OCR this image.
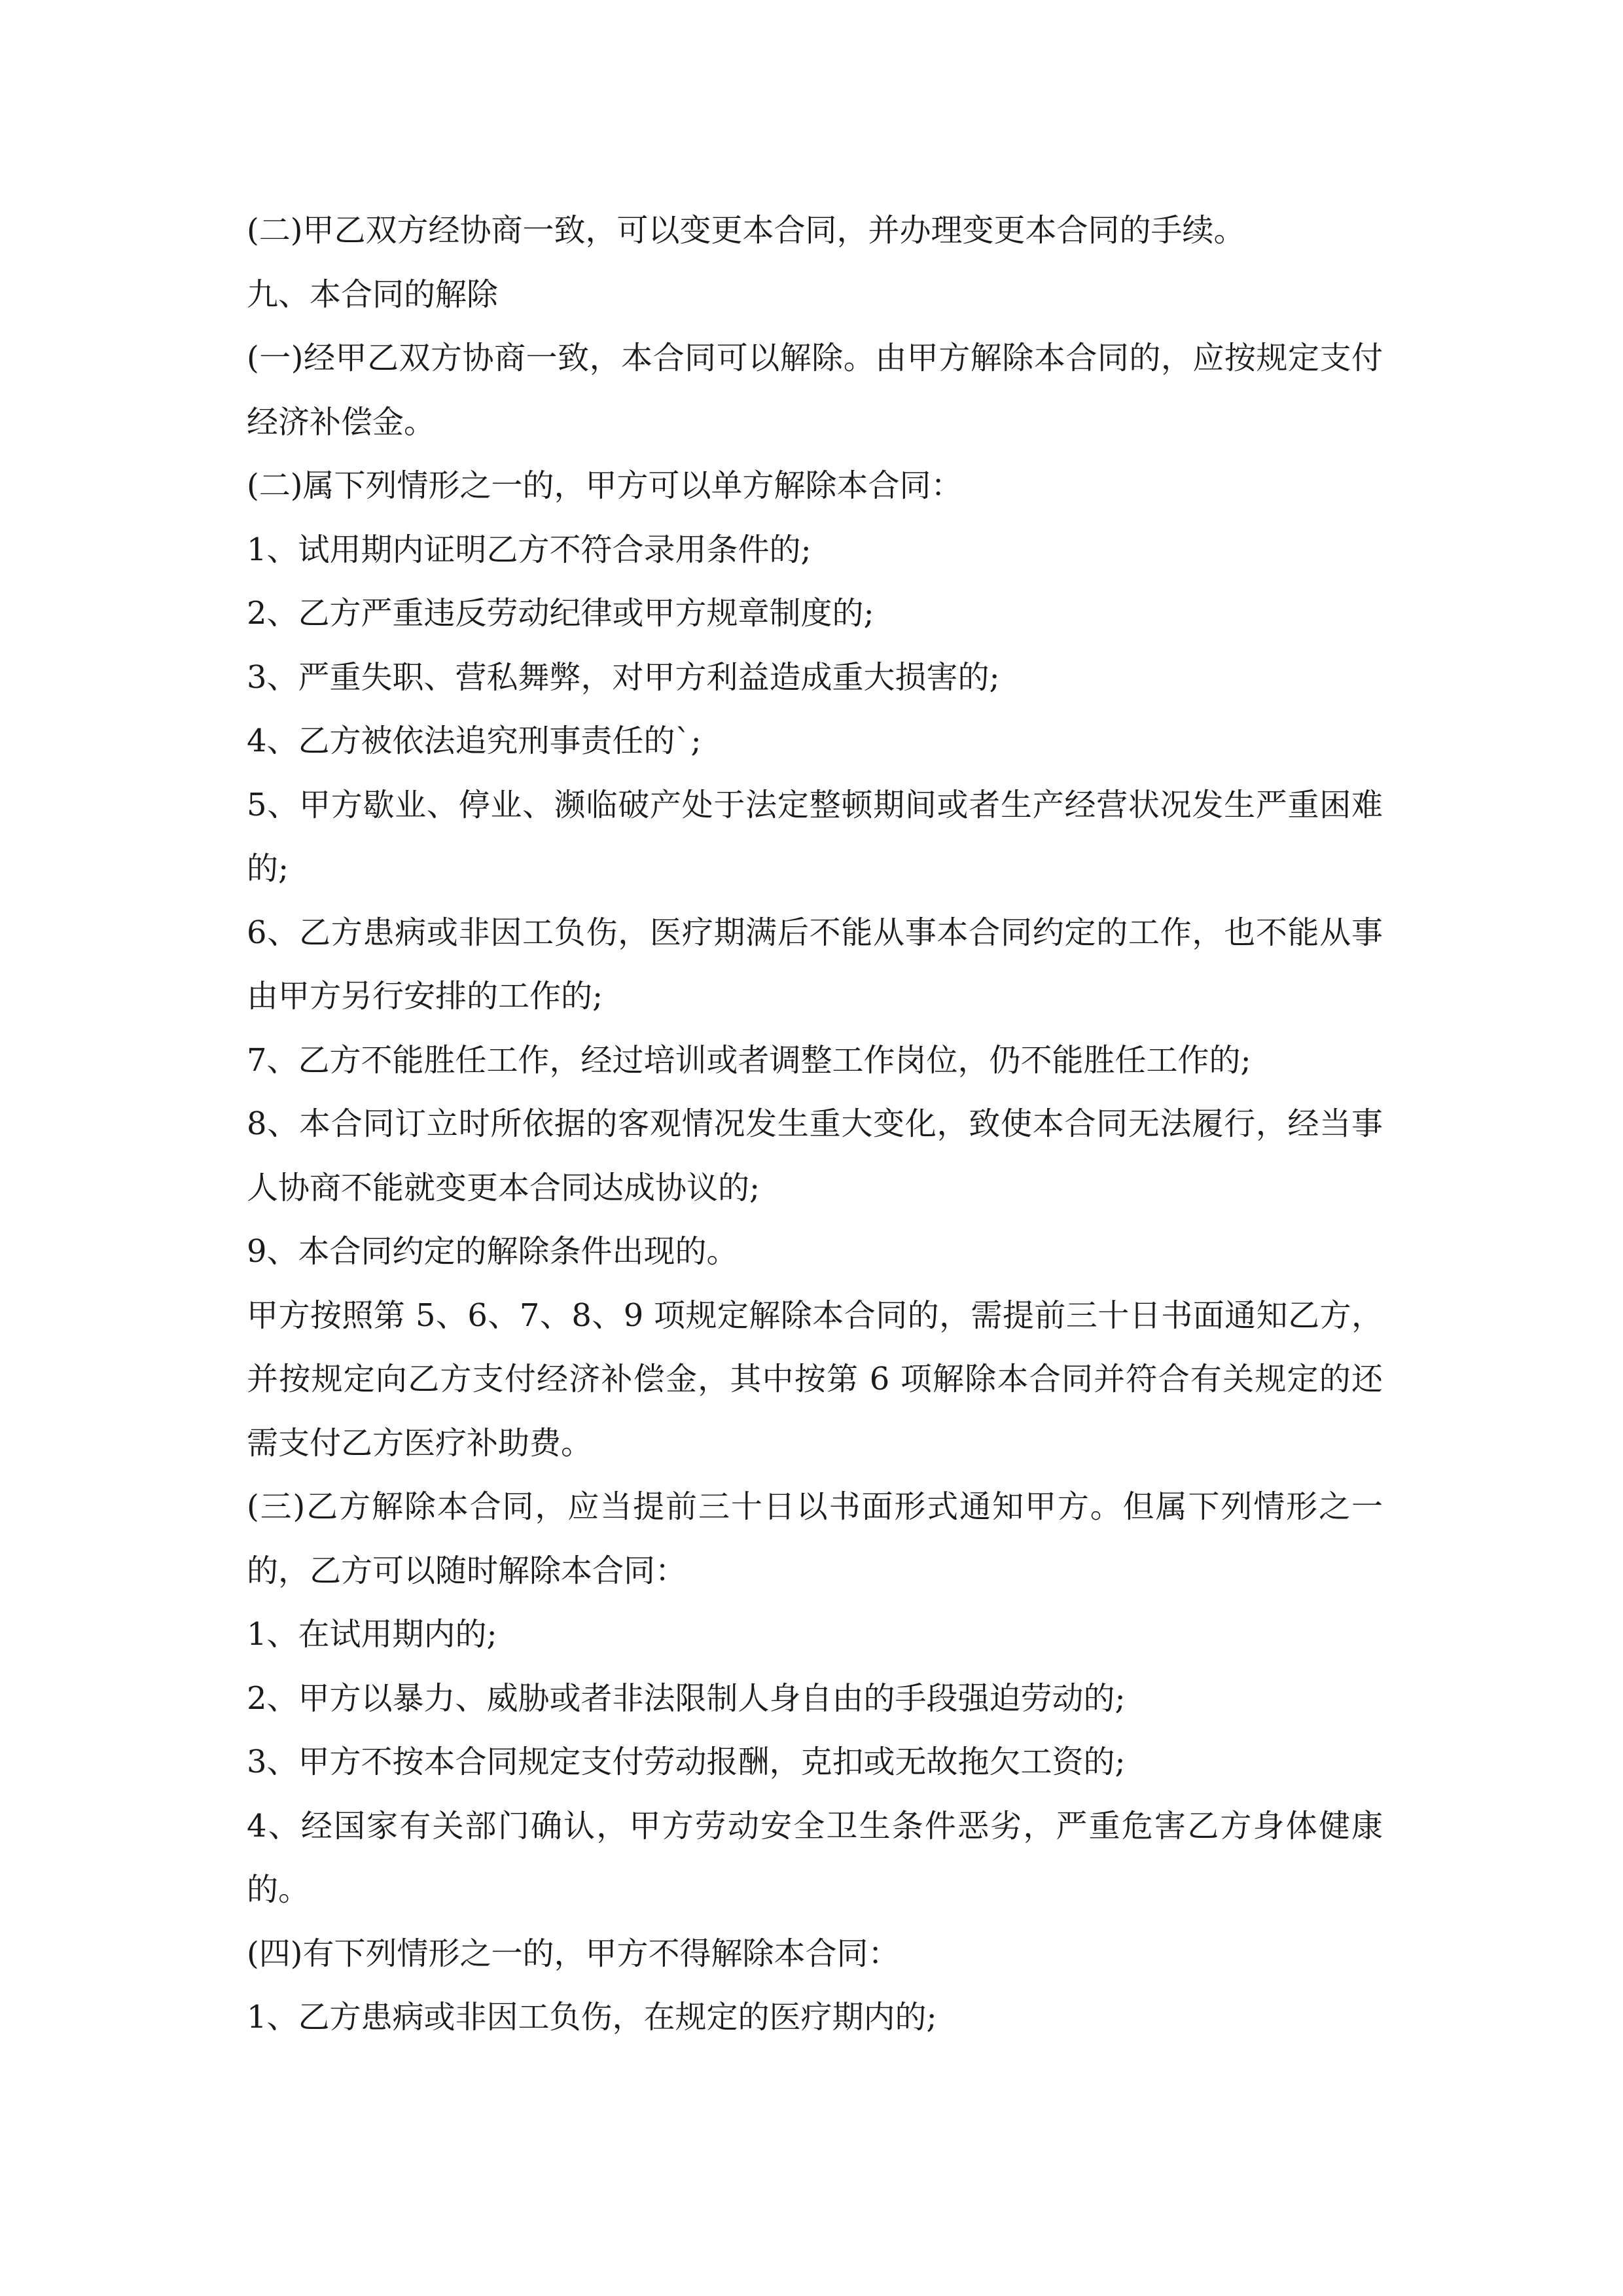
(二)甲乙双方经协商一致，可以变更本合同，并办理变更本合同的手续。

九、本合同的解除

(一)经甲乙双方协商一致，本合同可以解除。由甲方解除本合同的，应按规定支付经济补偿金。

(二)属下列情形之一的，甲方可以单方解除本合同：

1、试用期内证明乙方不符合录用条件的;

2、乙方严重违反劳动纪律或甲方规章制度的;

3、严重失职、营私舞弊，对甲方利益造成重大损害的;

4、乙方被依法追究刑事责任的`;

5、甲方歇业、停业、濒临破产处于法定整顿期间或者生产经营状况发生严重困难的;

6、乙方患病或非因工负伤，医疗期满后不能从事本合同约定的工作，也不能从事由甲方另行安排的工作的;

7、乙方不能胜任工作，经过培训或者调整工作岗位，仍不能胜任工作的;

8、本合同订立时所依据的客观情况发生重大变化，致使本合同无法履行，经当事人协商不能就变更本合同达成协议的;

9、本合同约定的解除条件出现的。

甲方按照第 5、6、7、8、9 项规定解除本合同的，需提前三十日书面通知乙方，并按规定向乙方支付经济补偿金，其中按第 6 项解除本合同并符合有关规定的还需支付乙方医疗补助费。

(三)乙方解除本合同，应当提前三十日以书面形式通知甲方。但属下列情形之一的，乙方可以随时解除本合同：

1、在试用期内的;

2、甲方以暴力、威胁或者非法限制人身自由的手段强迫劳动的;

3、甲方不按本合同规定支付劳动报酬，克扣或无故拖欠工资的;

4、经国家有关部门确认，甲方劳动安全卫生条件恶劣，严重危害乙方身体健康的。

(四)有下列情形之一的，甲方不得解除本合同：

1、乙方患病或非因工负伤，在规定的医疗期内的;
